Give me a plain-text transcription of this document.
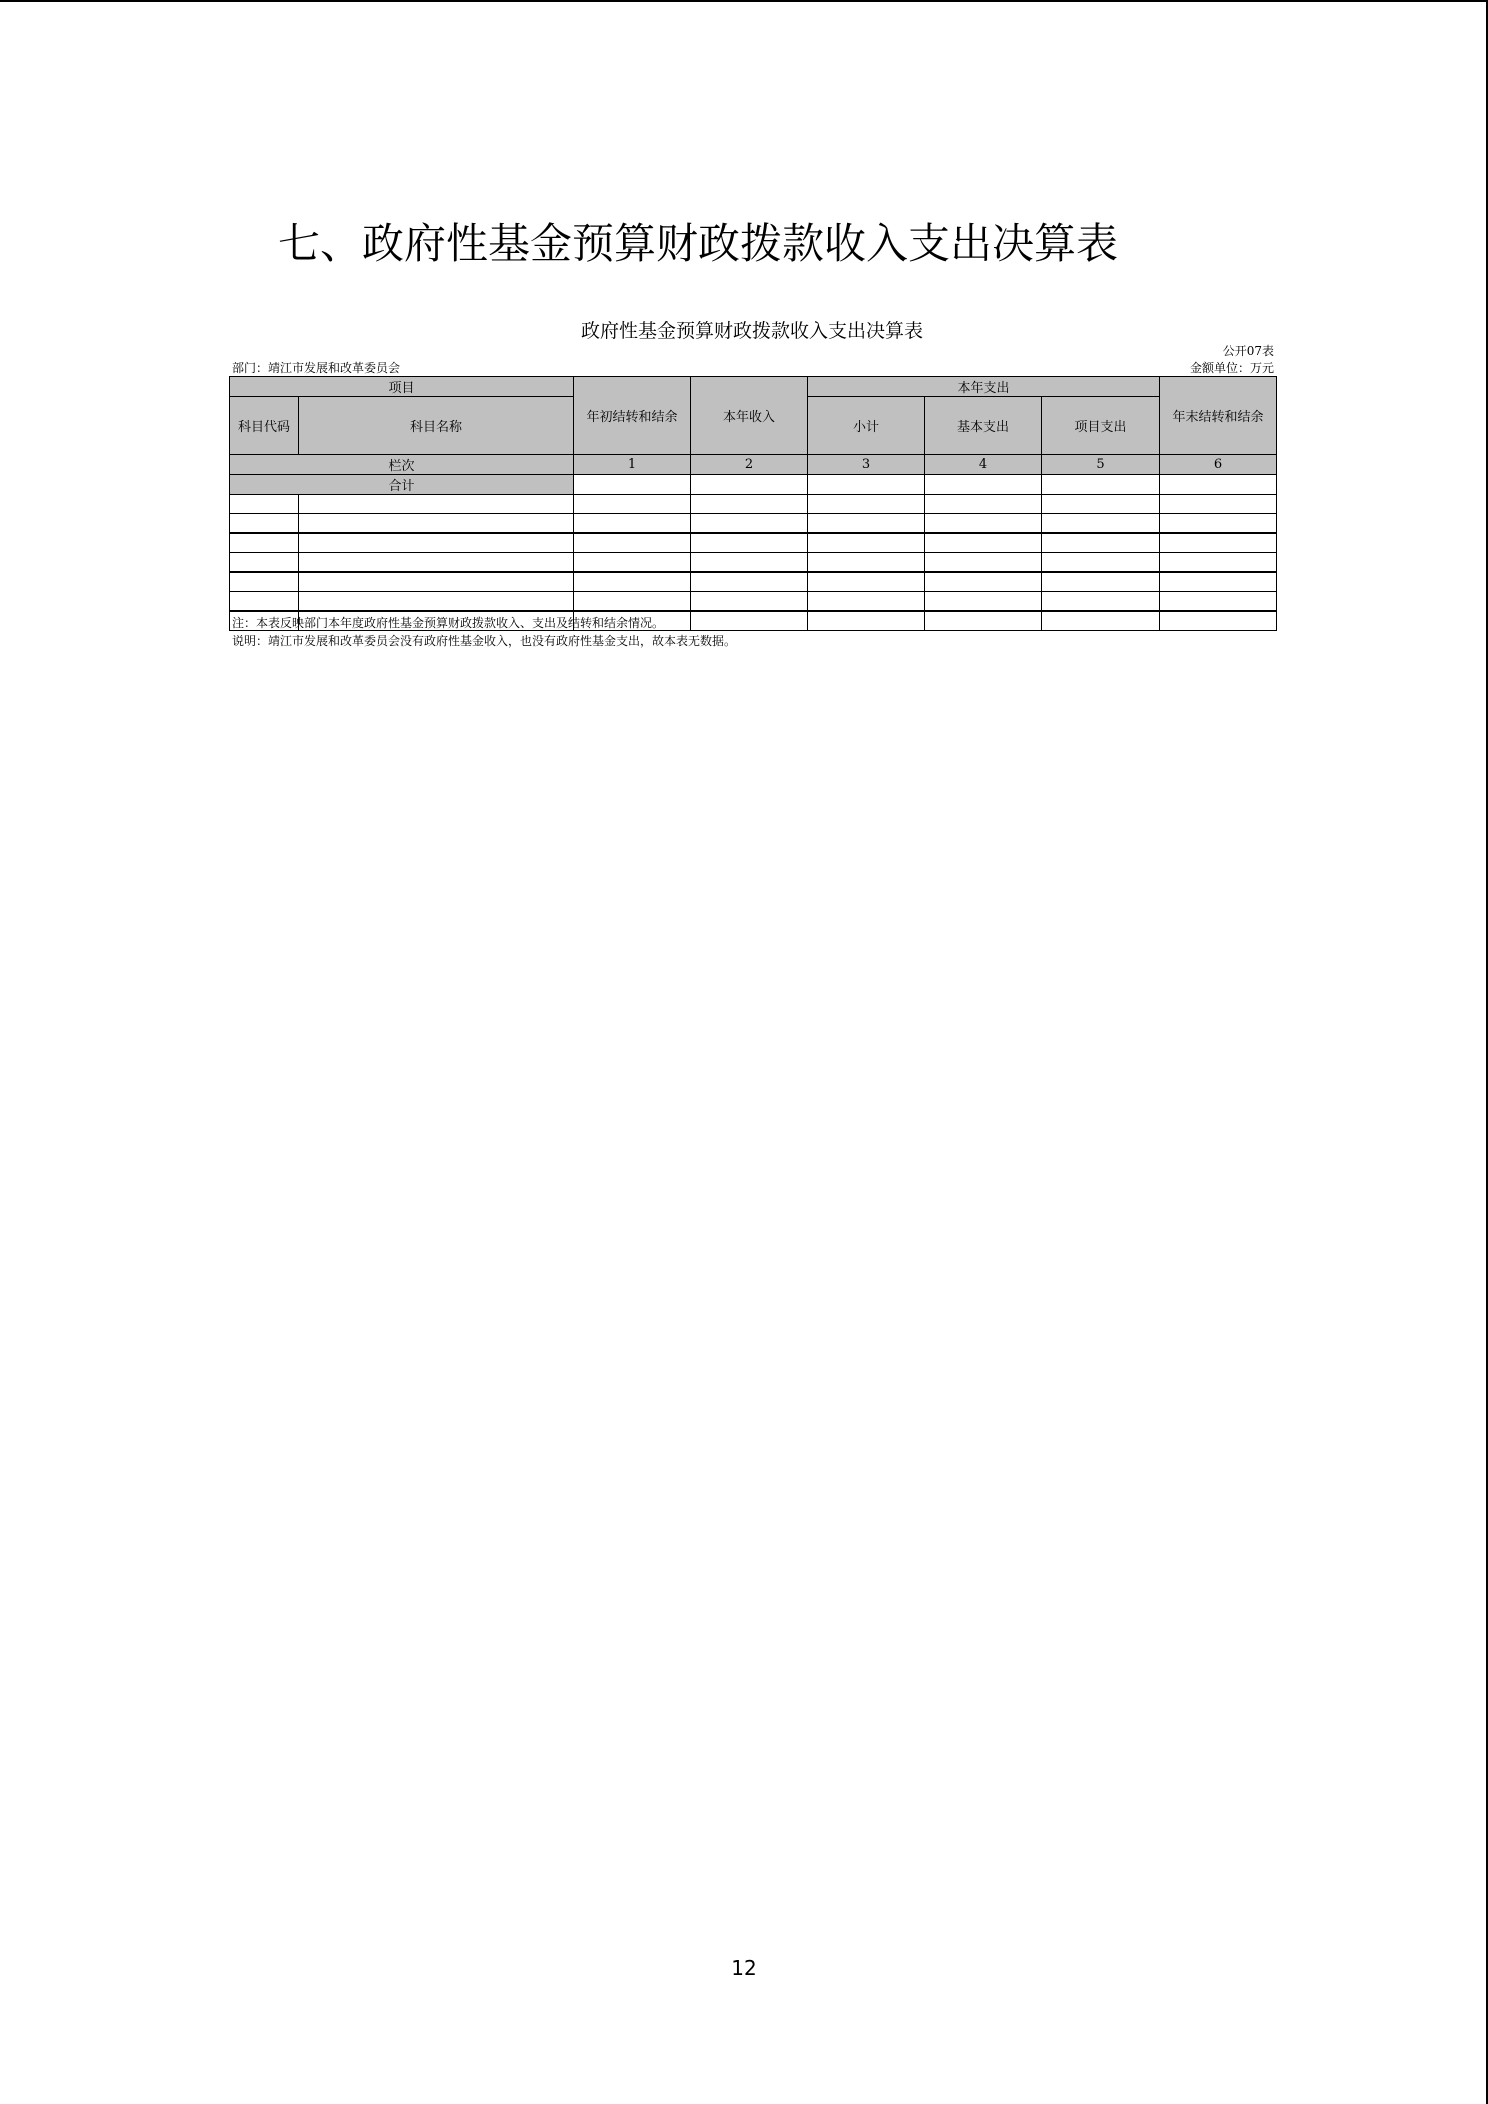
七、政府性基金预算财政拨款收入支出决算表
政府性基金预算财政拨款收入支出决算表
公开07表
部门：靖江市发展和改革委员会	金额单位：万元
项目		年初结转和结余	本年收入	本年支出			年末结转和结余
科目代码	科目名称			小计	基本支出	项目支出	
栏次		1	2	3	4	5	6
合计							

注：本表反映部门本年度政府性基金预算财政拨款收入、支出及结转和结余情况。
说明：靖江市发展和改革委员会没有政府性基金收入，也没有政府性基金支出，故本表无数据。
12
